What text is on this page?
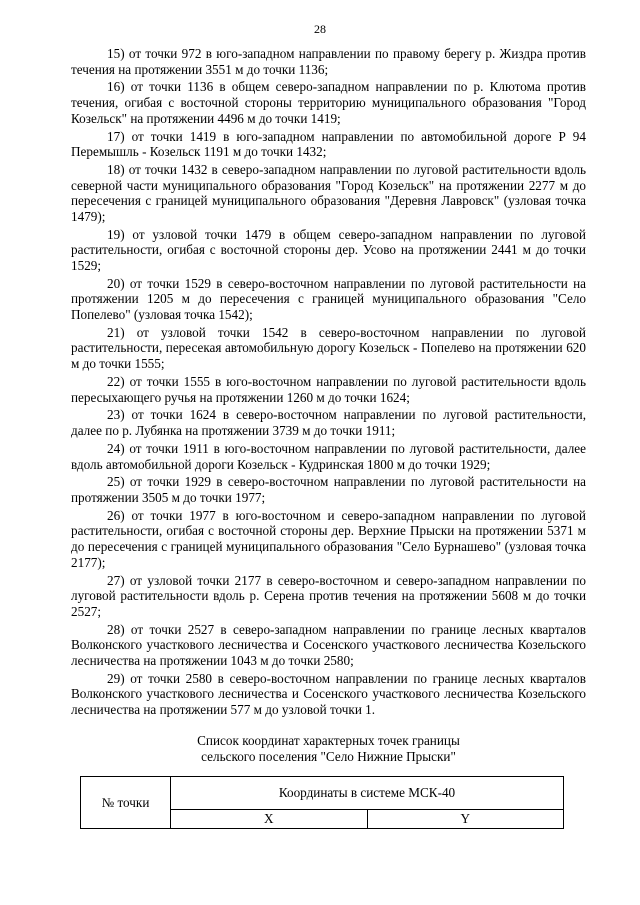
28

15) от точки 972 в юго-западном направлении по правому берегу р. Жиздра против течения на протяжении 3551 м до точки 1136;

16) от точки 1136 в общем северо-западном направлении по р. Клютома против течения, огибая с восточной стороны территорию муниципального образования "Город Козельск" на протяжении 4496 м до точки 1419;

17) от точки 1419 в юго-западном направлении по автомобильной дороге Р 94 Перемышль - Козельск 1191 м до точки 1432;

18) от точки 1432 в северо-западном направлении по луговой растительности вдоль северной части муниципального образования "Город Козельск" на протяжении 2277 м до пересечения с границей муниципального образования "Деревня Лавровск" (узловая точка 1479);

19) от узловой точки 1479 в общем северо-западном направлении по луговой растительности, огибая с восточной стороны дер. Усово на протяжении 2441 м до точки 1529;

20) от точки 1529 в северо-восточном направлении по луговой растительности на протяжении 1205 м до пересечения с границей муниципального образования "Село Попелево" (узловая точка 1542);

21) от узловой точки 1542 в северо-восточном направлении по луговой растительности, пересекая автомобильную дорогу Козельск - Попелево на протяжении 620 м до точки 1555;

22) от точки 1555 в юго-восточном направлении по луговой растительности вдоль пересыхающего ручья на протяжении 1260 м до точки 1624;

23) от точки 1624 в северо-восточном направлении по луговой растительности, далее по р. Лубянка на протяжении 3739 м до точки 1911;

24) от точки 1911 в юго-восточном направлении по луговой растительности, далее вдоль автомобильной дороги Козельск - Кудринская 1800 м до точки 1929;

25) от точки 1929 в северо-восточном направлении по луговой растительности на протяжении 3505 м до точки 1977;

26) от точки 1977 в юго-восточном и северо-западном направлении по луговой растительности, огибая с восточной стороны дер. Верхние Прыски на протяжении 5371 м до пересечения с границей муниципального образования "Село Бурнашево" (узловая точка 2177);

27) от узловой точки 2177 в северо-восточном и северо-западном направлении по луговой растительности вдоль р. Серена против течения на протяжении 5608 м до точки 2527;

28) от точки 2527 в северо-западном направлении по границе лесных кварталов Волконского участкового лесничества и Сосенского участкового лесничества Козельского лесничества на протяжении 1043 м до точки 2580;

29) от точки 2580 в северо-восточном направлении по границе лесных кварталов Волконского участкового лесничества и Сосенского участкового лесничества Козельского лесничества на протяжении 577 м до узловой точки 1.

Список координат характерных точек границы
сельского поселения "Село Нижние Прыски"
№ точки	Координаты в системе МСК-40	
	X	Y
